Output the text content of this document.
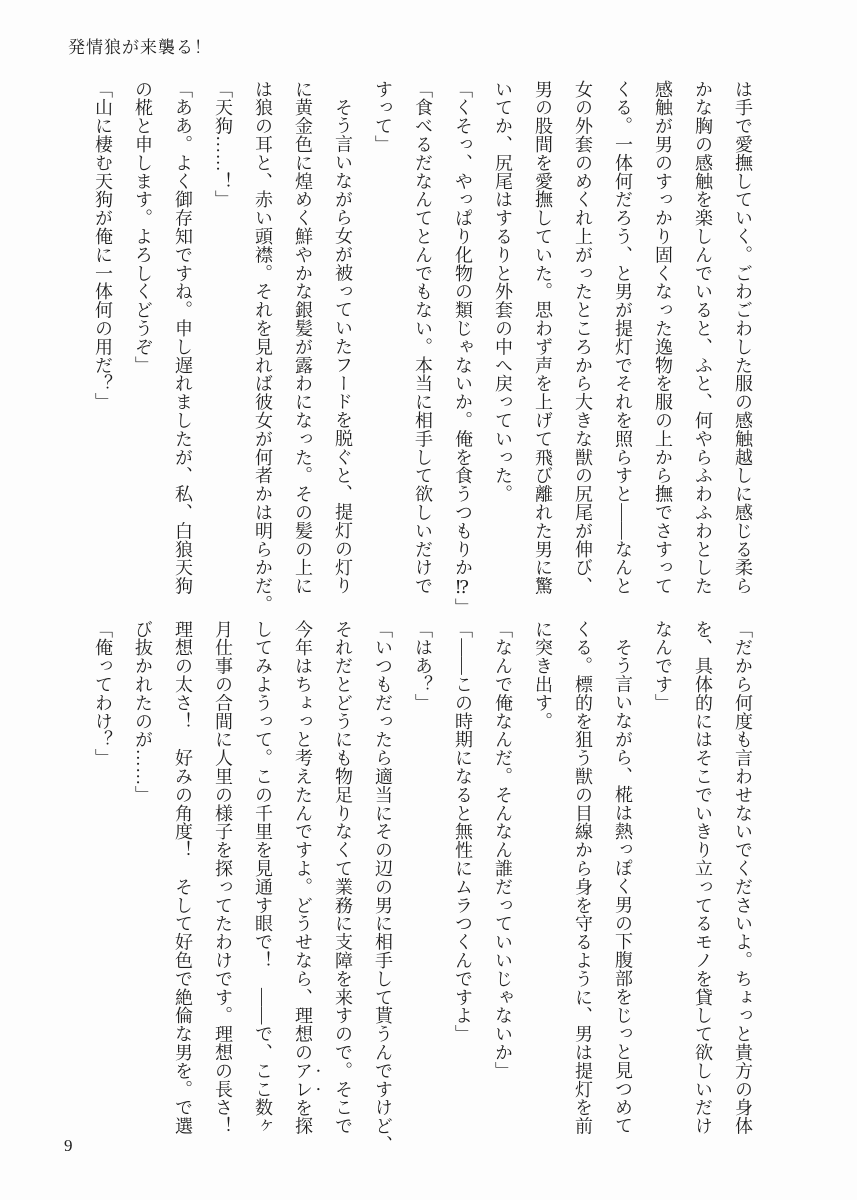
発情狼が来襲る！

は手で愛撫していく。ごわごわした服の感触越しに感じる柔ら

かな胸の感触を楽しんでいると、ふと、何やらふわふわとした

感触が男のすっかり固くなった逸物を服の上から撫でさすって

くる。一体何だろう、と男が提灯でそれを照らすと――なんと

女の外套のめくれ上がったところから大きな獣の尻尾が伸び、

男の股間を愛撫していた。思わず声を上げて飛び離れた男に驚

いてか、尻尾はするりと外套の中へ戻っていった。

「くそっ、やっぱり化物の類じゃないか。俺を食うつもりか⁉」

「食べるだなんてとんでもない。本当に相手して欲しいだけで

すって」

そう言いながら女が被っていたフードを脱ぐと、提灯の灯り

に黄金色に煌めく鮮やかな銀髪が露わになった。その髪の上に

は狼の耳と、赤い頭襟。それを見れば彼女が何者かは明らかだ。

「天狗……！」

「ああ。よく御存知ですね。申し遅れましたが、私、白狼天狗

の椛と申します。よろしくどうぞ」

「山に棲む天狗が俺に一体何の用だ？」

「だから何度も言わせないでくださいよ。ちょっと貴方の身体

を、具体的にはそこでいきり立ってるモノを貸して欲しいだけ

なんです」

そう言いながら、椛は熱っぽく男の下腹部をじっと見つめて

くる。標的を狙う獣の目線から身を守るように、男は提灯を前

に突き出す。

「なんで俺なんだ。そんなん誰だっていいじゃないか」

「――この時期になると無性にムラつくんですよ」

「はあ？」

「いつもだったら適当にその辺の男に相手して貰うんですけど、

それだとどうにも物足りなくて業務に支障を来すので。そこで

今年はちょっと考えたんですよ。どうせなら、理想のアレを探

してみようって。この千里を見通す眼で！　――で、ここ数ヶ

月仕事の合間に人里の様子を探ってたわけです。理想の長さ！

理想の太さ！　好みの角度！　そして好色で絶倫な男を。で選

び抜かれたのが……」

「俺ってわけ？」

9
